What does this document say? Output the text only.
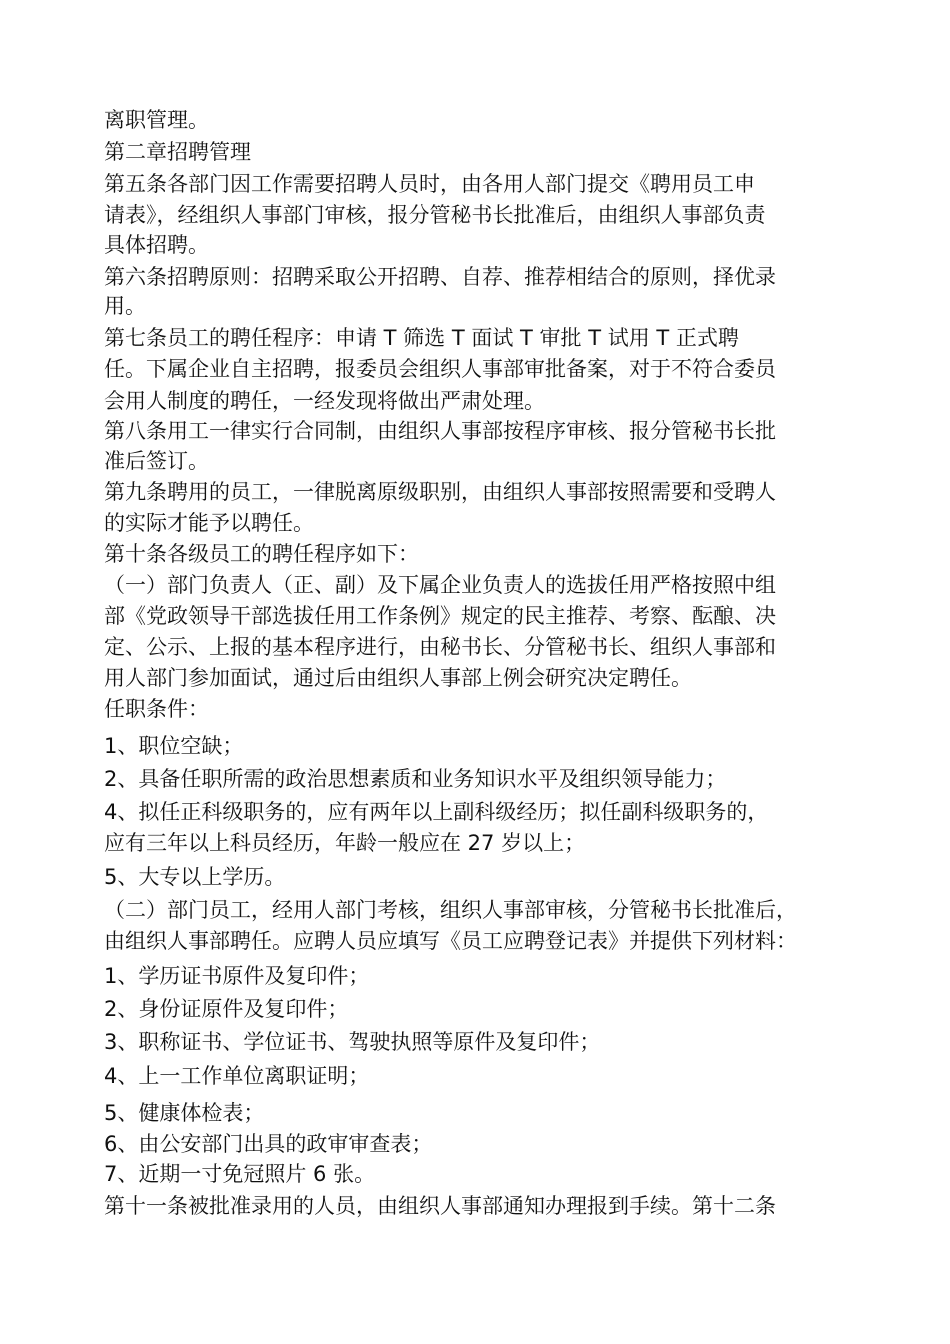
离职管理。
第二章招聘管理
第五条各部门因工作需要招聘人员时，由各用人部门提交《聘用员工申
请表》，经组织人事部门审核，报分管秘书长批准后，由组织人事部负责
具体招聘。
第六条招聘原则：招聘采取公开招聘、自荐、推荐相结合的原则，择优录
用。
第七条员工的聘任程序：申请 T 筛选 T 面试 T 审批 T 试用 T 正式聘
任。下属企业自主招聘，报委员会组织人事部审批备案，对于不符合委员
会用人制度的聘任，一经发现将做出严肃处理。
第八条用工一律实行合同制，由组织人事部按程序审核、报分管秘书长批
准后签订。
第九条聘用的员工，一律脱离原级职别，由组织人事部按照需要和受聘人
的实际才能予以聘任。
第十条各级员工的聘任程序如下：
（一）部门负责人（正、副）及下属企业负责人的选拔任用严格按照中组
部《党政领导干部选拔任用工作条例》规定的民主推荐、考察、酝酿、决
定、公示、上报的基本程序进行，由秘书长、分管秘书长、组织人事部和
用人部门参加面试，通过后由组织人事部上例会研究决定聘任。
任职条件：
1、职位空缺；
2、具备任职所需的政治思想素质和业务知识水平及组织领导能力；
4、拟任正科级职务的，应有两年以上副科级经历；拟任副科级职务的，
应有三年以上科员经历，年龄一般应在 27 岁以上；
5、大专以上学历。
（二）部门员工，经用人部门考核，组织人事部审核，分管秘书长批准后，
由组织人事部聘任。应聘人员应填写《员工应聘登记表》并提供下列材料：
1、学历证书原件及复印件；
2、身份证原件及复印件；
3、职称证书、学位证书、驾驶执照等原件及复印件；
4、上一工作单位离职证明；
5、健康体检表；
6、由公安部门出具的政审审查表；
7、近期一寸免冠照片 6 张。
第十一条被批准录用的人员，由组织人事部通知办理报到手续。第十二条
